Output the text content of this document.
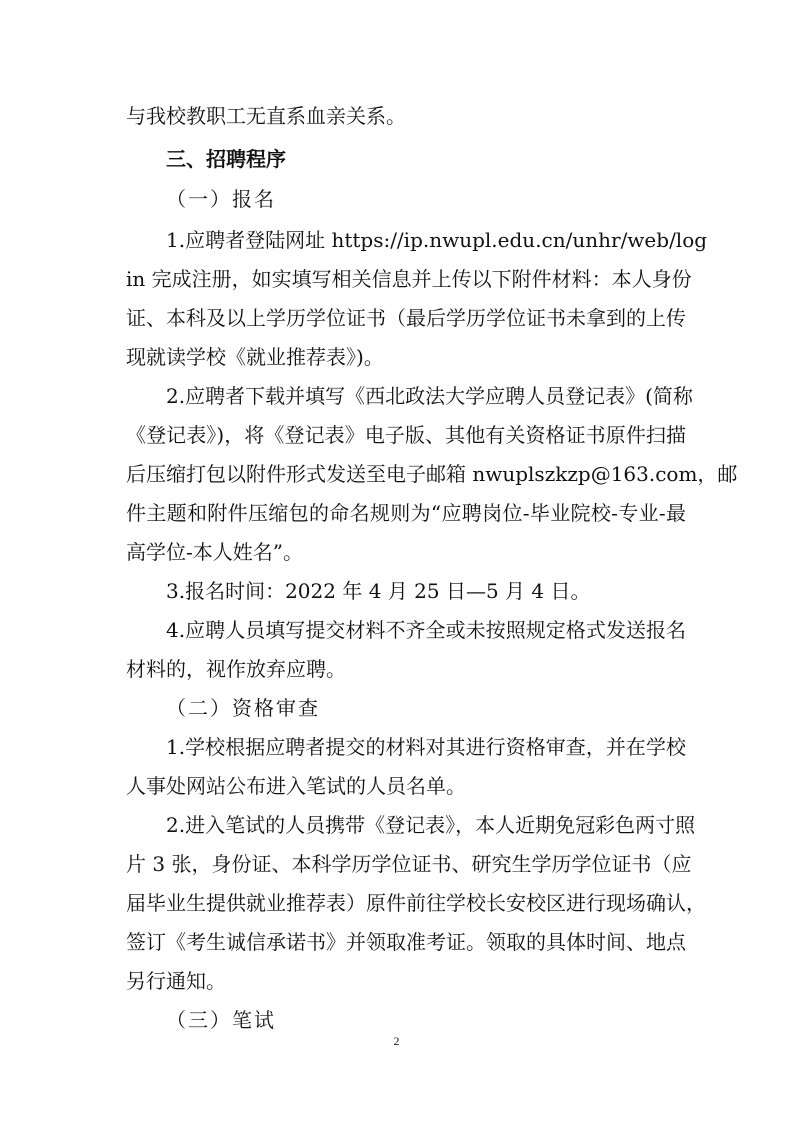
与我校教职工无直系血亲关系。
三、招聘程序
（一）报名
1.应聘者登陆网址 https://ip.nwupl.edu.cn/unhr/web/log
in 完成注册，如实填写相关信息并上传以下附件材料：本人身份
证、本科及以上学历学位证书（最后学历学位证书未拿到的上传
现就读学校《就业推荐表》)。
2.应聘者下载并填写《西北政法大学应聘人员登记表》(简称
《登记表》)，将《登记表》电子版、其他有关资格证书原件扫描
后压缩打包以附件形式发送至电子邮箱 nwuplszkzp@163.com，邮
件主题和附件压缩包的命名规则为“应聘岗位-毕业院校-专业-最
高学位-本人姓名”。
3.报名时间：2022 年 4 月 25 日—5 月 4 日。
4.应聘人员填写提交材料不齐全或未按照规定格式发送报名
材料的，视作放弃应聘。
（二）资格审查
1.学校根据应聘者提交的材料对其进行资格审查，并在学校
人事处网站公布进入笔试的人员名单。
2.进入笔试的人员携带《登记表》，本人近期免冠彩色两寸照
片 3 张，身份证、本科学历学位证书、研究生学历学位证书（应
届毕业生提供就业推荐表）原件前往学校长安校区进行现场确认，
签订《考生诚信承诺书》并领取准考证。领取的具体时间、地点
另行通知。
（三）笔试
2
